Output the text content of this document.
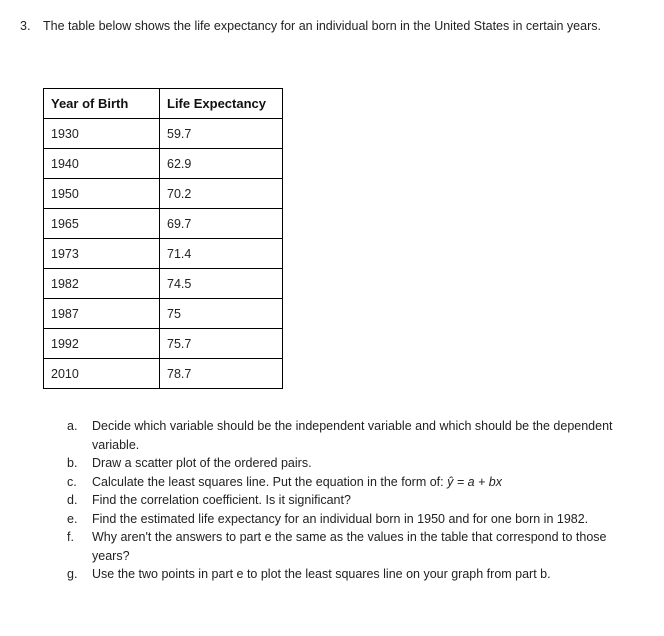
3. The table below shows the life expectancy for an individual born in the United States in certain years.
Year of Birth	Life Expectancy
1930	59.7
1940	62.9
1950	70.2
1965	69.7
1973	71.4
1982	74.5
1987	75
1992	75.7
2010	78.7
a. Decide which variable should be the independent variable and which should be the dependent variable.
b. Draw a scatter plot of the ordered pairs.
c. Calculate the least squares line. Put the equation in the form of: ŷ = a + bx
d. Find the correlation coefficient. Is it significant?
e. Find the estimated life expectancy for an individual born in 1950 and for one born in 1982.
f. Why aren't the answers to part e the same as the values in the table that correspond to those years?
g. Use the two points in part e to plot the least squares line on your graph from part b.
